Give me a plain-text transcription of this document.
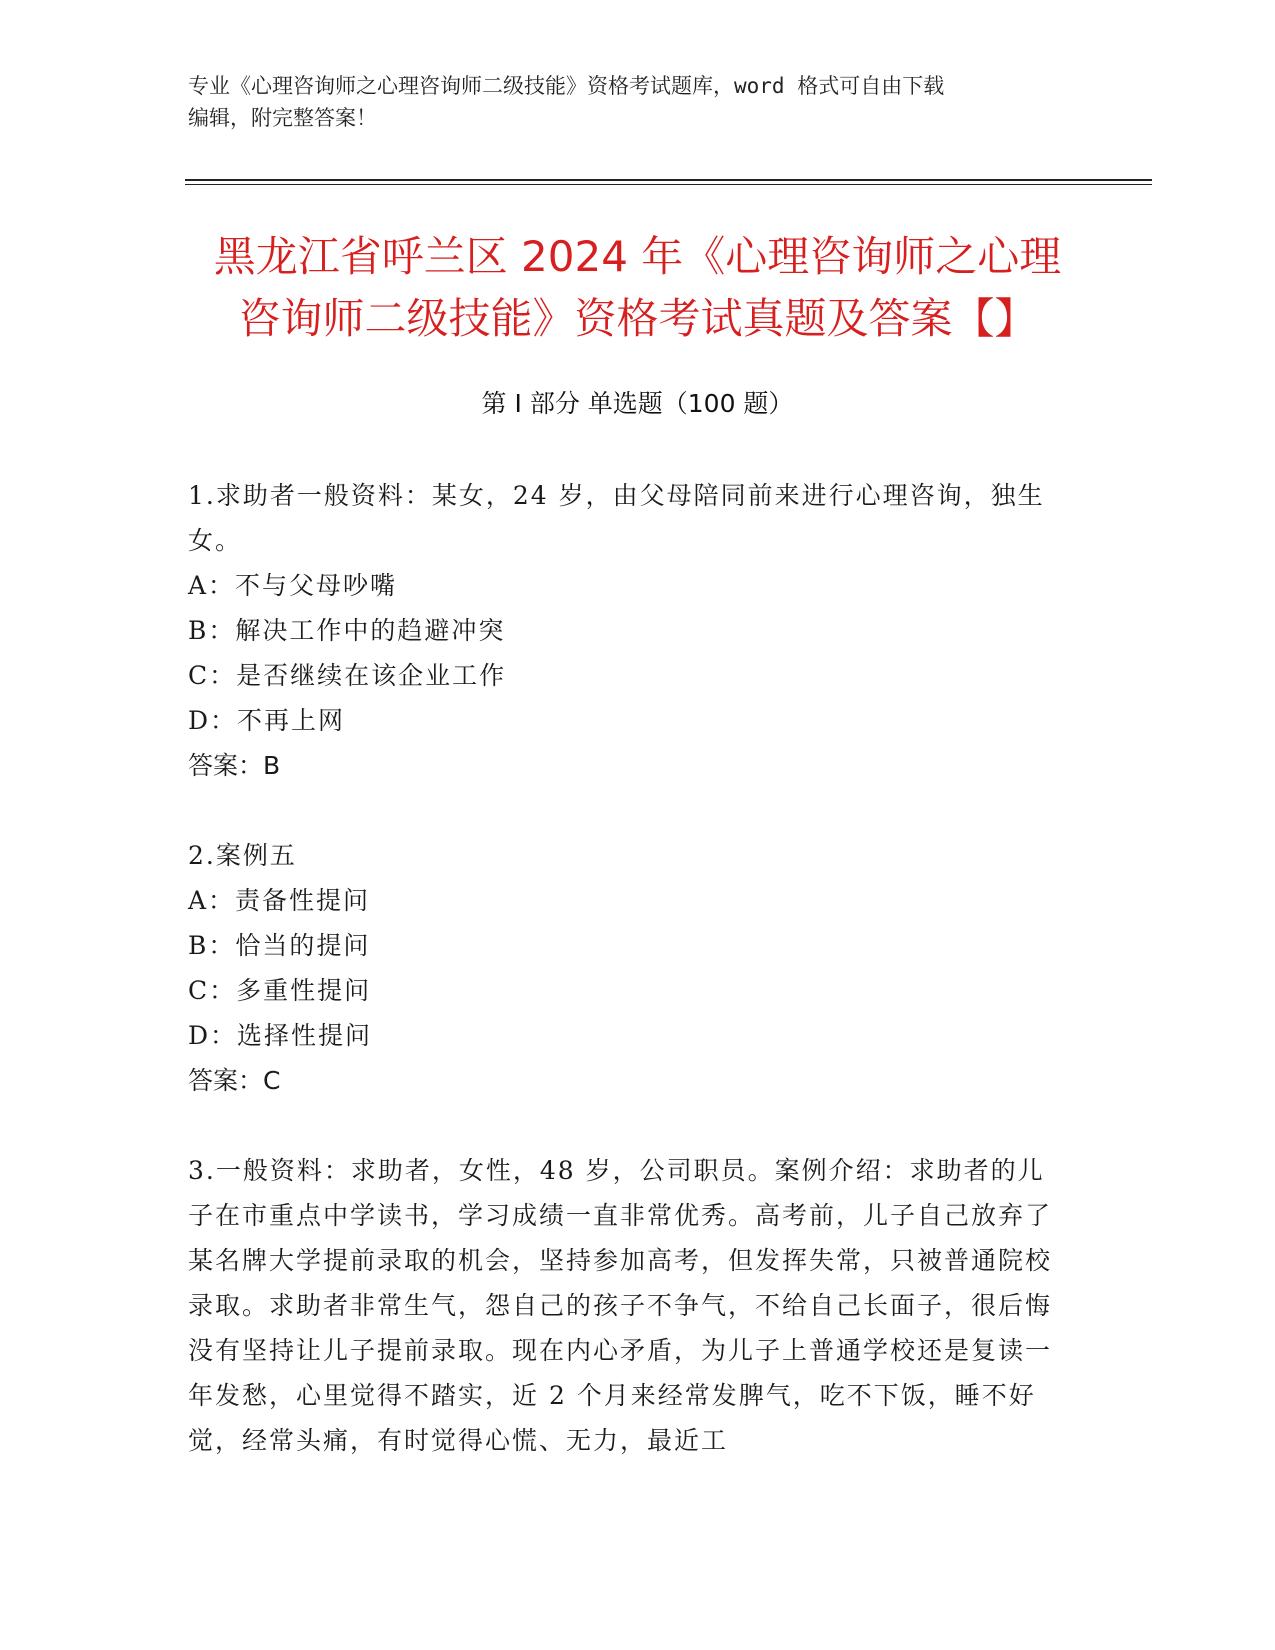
专业《心理咨询师之心理咨询师二级技能》资格考试题库，word 格式可自由下载
编辑，附完整答案！
黑龙江省呼兰区 2024 年《心理咨询师之心理
咨询师二级技能》资格考试真题及答案【】
第 I 部分 单选题（100 题）

1.求助者一般资料：某女，24 岁，由父母陪同前来进行心理咨询，独生女。

A：不与父母吵嘴

B：解决工作中的趋避冲突

C：是否继续在该企业工作

D：不再上网

答案：B

2.案例五

A：责备性提问

B：恰当的提问

C：多重性提问

D：选择性提问

答案：C

3.一般资料：求助者，女性，48 岁，公司职员。案例介绍：求助者的儿子在市重点中学读书，学习成绩一直非常优秀。高考前，儿子自己放弃了某名牌大学提前录取的机会，坚持参加高考，但发挥失常，只被普通院校录取。求助者非常生气，怨自己的孩子不争气，不给自己长面子，很后悔没有坚持让儿子提前录取。现在内心矛盾，为儿子上普通学校还是复读一年发愁，心里觉得不踏实，近 2 个月来经常发脾气，吃不下饭，睡不好觉，经常头痛，有时觉得心慌、无力，最近工
